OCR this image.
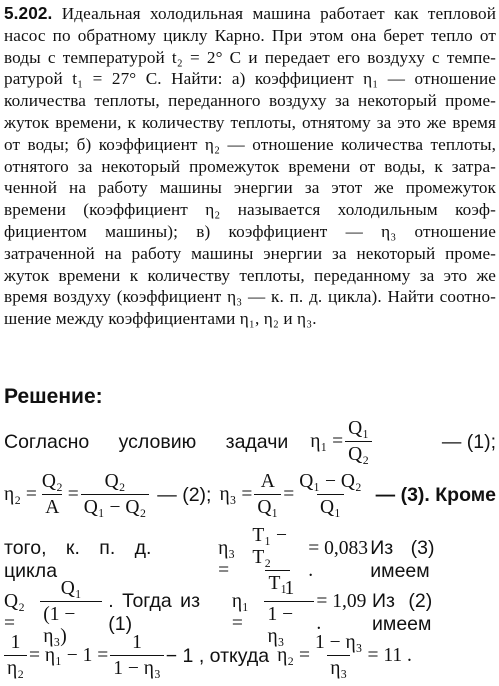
5.202. Идеальная холодильная машина работает как тепловой
насос по обратному циклу Карно. При этом она берет тепло от
воды с температурой t₂ = 2° C и передает его воздуху с темпе-
ратурой t₁ = 27° C. Найти: а) коэффициент η₁ — отношение
количества теплоты, переданного воздуху за некоторый проме-
жуток времени, к количеству теплоты, отнятому за это же время
от воды; б) коэффициент η₂ — отношение количества теплоты,
отнятого за некоторый промежуток времени от воды, к затра-
ченной на работу машины энергии за этот же промежуток
времени (коэффициент η₂ называется холодильным коэф-
фициентом машины); в) коэффициент — η₃ отношение
затраченной на работу машины энергии за некоторый проме-
жуток времени к количеству теплоты, переданному за это же
время воздуху (коэффициент η₃ — к. п. д. цикла). Найти соотно-
шение между коэффициентами η₁, η₂ и η₃.
Решение:
Согласно условию задачи $\eta_1 = \frac{\text{Q₁}}{\text{Q₂}}$	— (1);
$\eta_2 = \frac{\text{Q₂}}{A} = \frac{\text{Q₂}}{\text{Q₁ − Q₂}}$ — (2); $\eta_3 = \frac{A}{\text{Q₁}} = \frac{\text{Q₁ − Q₂}}{\text{Q₁}}$ — (3). Кроме
того, к. п. д. цикла
η₃ =	$\frac{\text{T₁ − T₂}}{\text{T₁}} = 0,083$ .
Из (3) имеем
Q₂ =	$\frac{\text{Q₁}}{\text{(1 − η₃)}}$ . Тогда из (1)
η₁ =	$\frac{1}{\text{1 − η₃}} = 1,09$ .
Из (2) имеем
$\frac{1}{\text{η₂}} = \eta_1 - 1 = \frac{1}{\text{1 − η₃}} - 1$ , откуда $\eta_2 = \frac{\text{1 − η₃}}{\text{η₃}} = 11$ .
